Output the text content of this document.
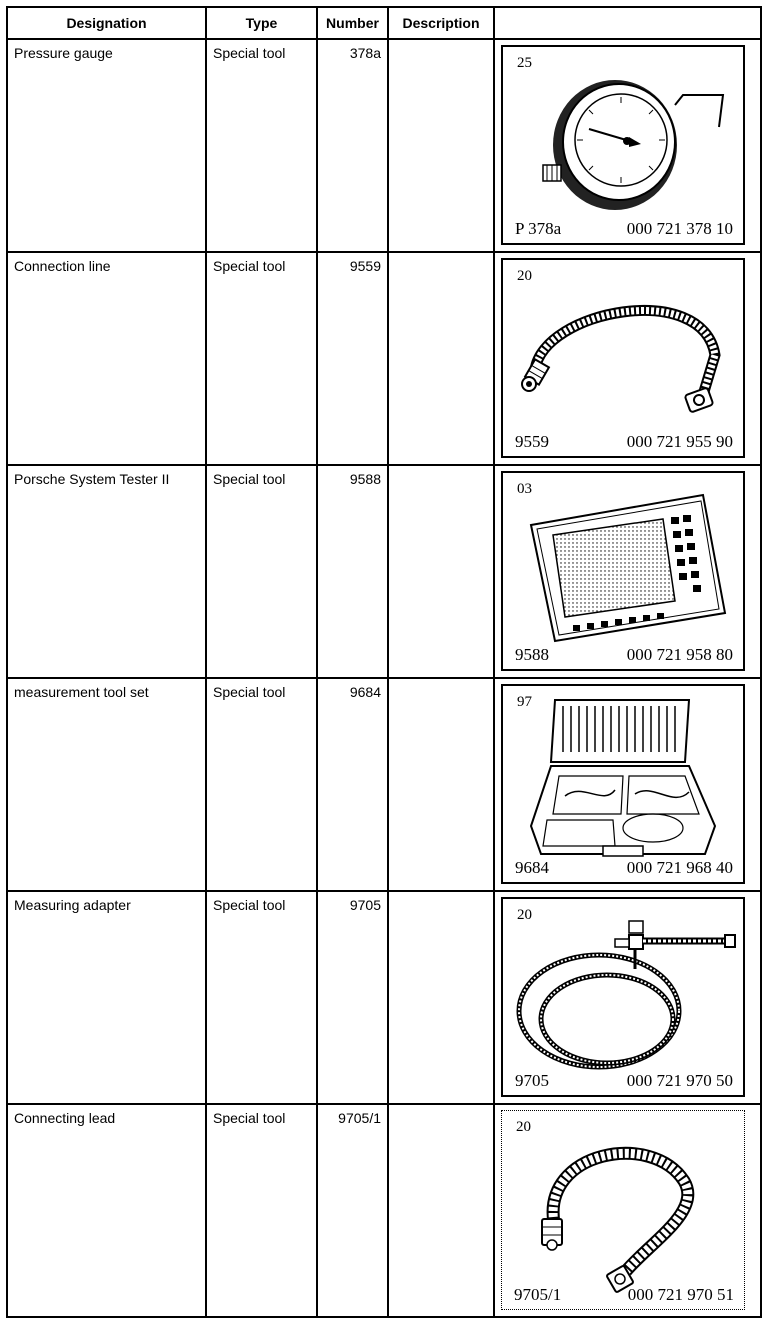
Designation	Type	Number	Description	
Pressure gauge	Special tool	378a		25
P 378a 000 721 378 10

Connection line	Special tool	9559		20
9559 000 721 955 90

Porsche System Tester II	Special tool	9588		03
9588 000 721 958 80

measurement tool set	Special tool	9684		97
9684 000 721 968 40

Measuring adapter	Special tool	9705		20
9705 000 721 970 50

Connecting lead	Special tool	9705/1		20
9705/1 000 721 970 51
